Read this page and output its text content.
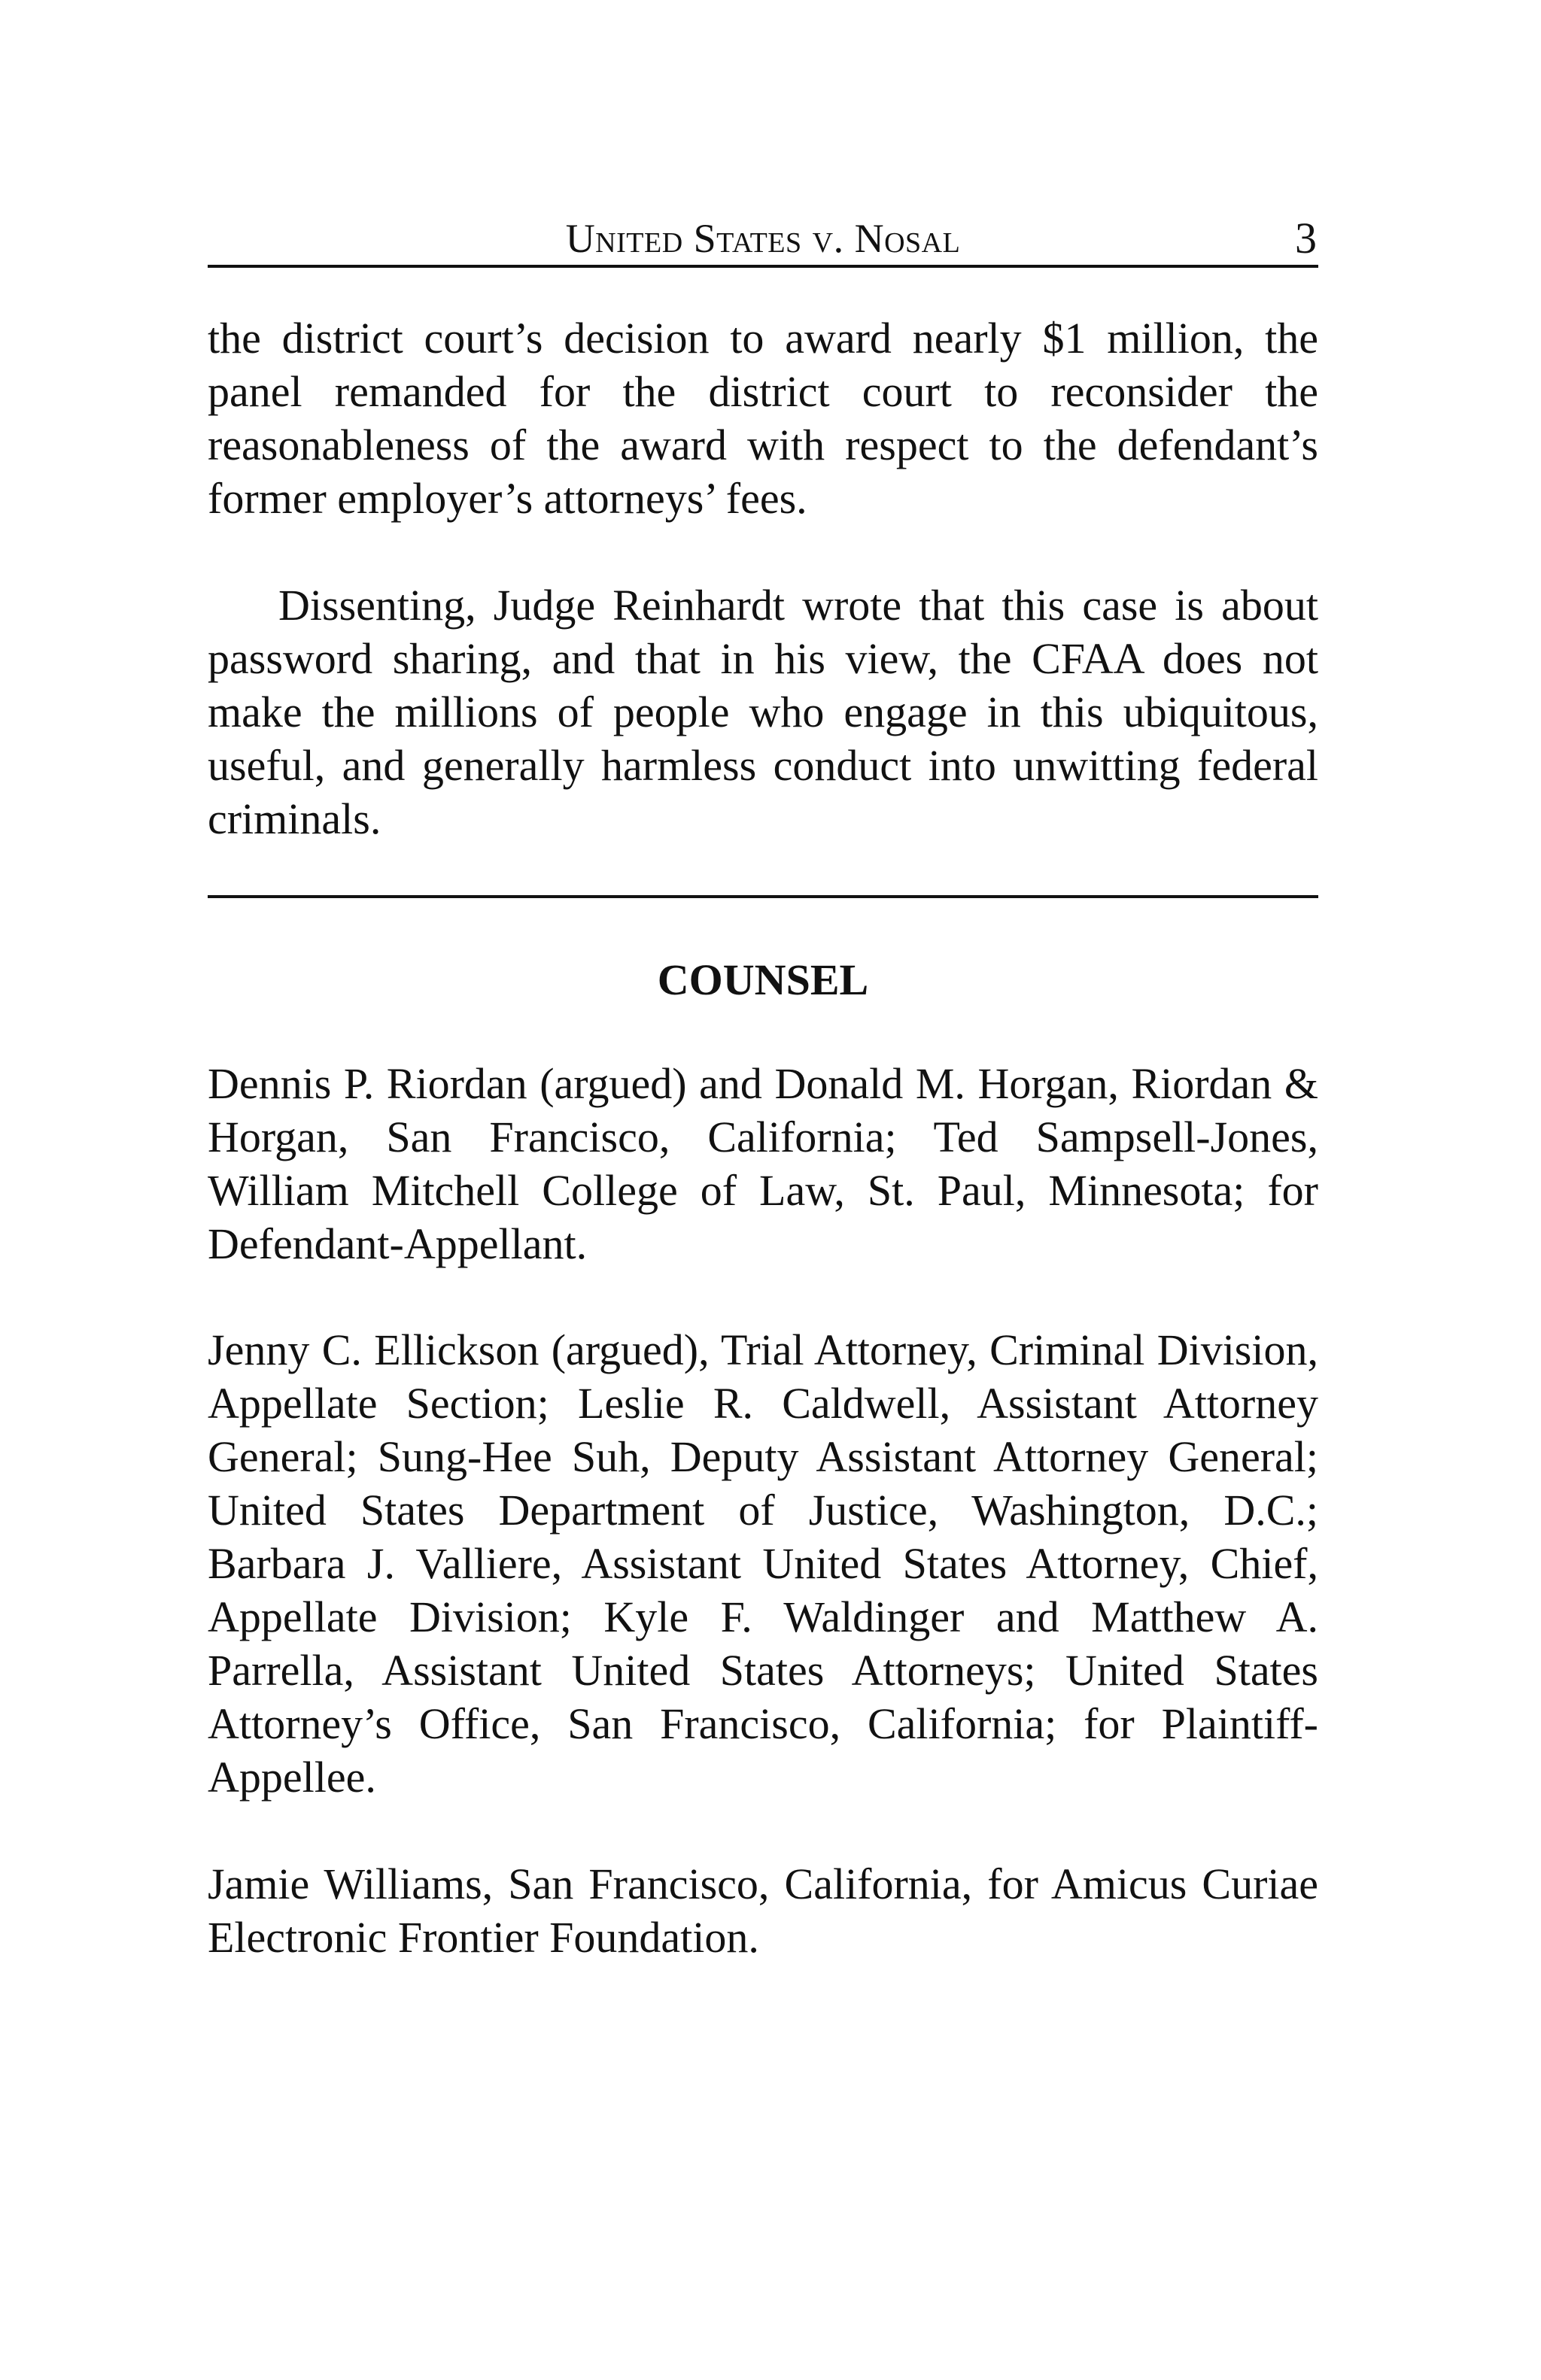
United States v. Nosal	3

the district court’s decision to award nearly $1 million, the panel remanded for the district court to reconsider the reasonableness of the award with respect to the defendant’s former employer’s attorneys’ fees.

Dissenting, Judge Reinhardt wrote that this case is about password sharing, and that in his view, the CFAA does not make the millions of people who engage in this ubiquitous, useful, and generally harmless conduct into unwitting federal criminals.

COUNSEL

Dennis P. Riordan (argued) and Donald M. Horgan, Riordan & Horgan, San Francisco, California; Ted Sampsell-Jones, William Mitchell College of Law, St. Paul, Minnesota; for Defendant-Appellant.

Jenny C. Ellickson (argued), Trial Attorney, Criminal Division, Appellate Section; Leslie R. Caldwell, Assistant Attorney General; Sung-Hee Suh, Deputy Assistant Attorney General; United States Department of Justice, Washington, D.C.; Barbara J. Valliere, Assistant United States Attorney, Chief, Appellate Division; Kyle F. Waldinger and Matthew A. Parrella, Assistant United States Attorneys; United States Attorney’s Office, San Francisco, California; for Plaintiff-Appellee.

Jamie Williams, San Francisco, California, for Amicus Curiae Electronic Frontier Foundation.
